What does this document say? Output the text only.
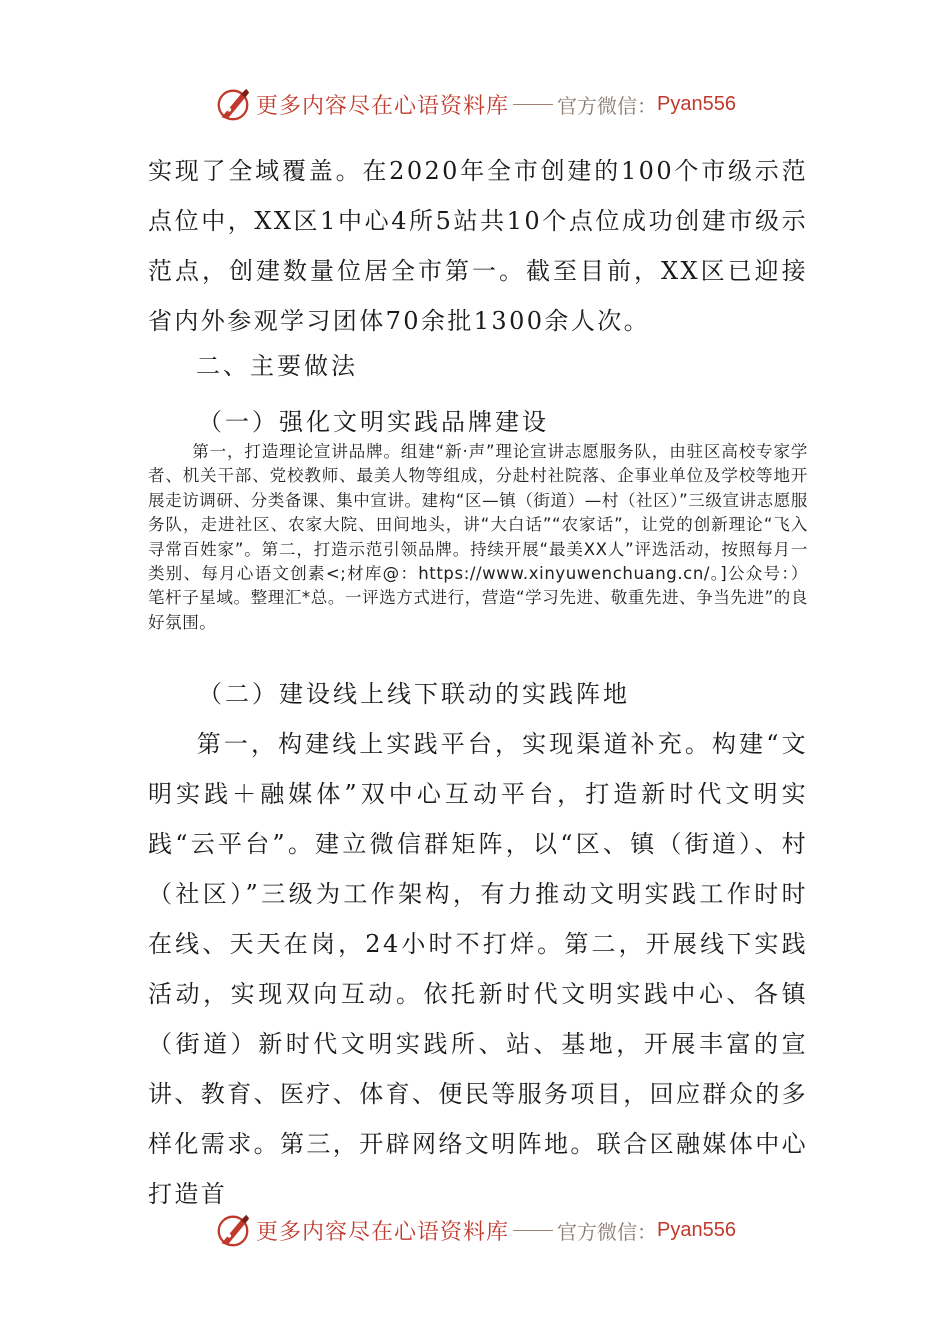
更多内容尽在心语资料库 官方微信： Pyan556

实现了全域覆盖。在2020年全市创建的100个市级示范点位中，XX区1中心4所5站共10个点位成功创建市级示范点，创建数量位居全市第一。截至目前，XX区已迎接省内外参观学习团体70余批1300余人次。

二、主要做法
（一）强化文明实践品牌建设

第一，打造理论宣讲品牌。组建“新·声”理论宣讲志愿服务队，由驻区高校专家学者、机关干部、党校教师、最美人物等组成，分赴村社院落、企事业单位及学校等地开展走访调研、分类备课、集中宣讲。建构“区—镇（街道）—村（社区）”三级宣讲志愿服务队，走进社区、农家大院、田间地头，讲“大白话”“农家话”，让党的创新理论“飞入寻常百姓家”。第二，打造示范引领品牌。持续开展“最美XX人”评选活动，按照每月一类别、每月心语文创素<;材库@：https://www.xinyuwenchuang.cn/。]公众号：）笔杆子星域。整理汇*总。一评选方式进行，营造“学习先进、敬重先进、争当先进”的良好氛围。

（二）建设线上线下联动的实践阵地

第一，构建线上实践平台，实现渠道补充。构建“文明实践＋融媒体”双中心互动平台，打造新时代文明实践“云平台”。建立微信群矩阵，以“区、镇（街道）、村（社区）”三级为工作架构，有力推动文明实践工作时时在线、天天在岗，24小时不打烊。第二，开展线下实践活动，实现双向互动。依托新时代文明实践中心、各镇（街道）新时代文明实践所、站、基地，开展丰富的宣讲、教育、医疗、体育、便民等服务项目，回应群众的多样化需求。第三，开辟网络文明阵地。联合区融媒体中心打造首

更多内容尽在心语资料库 官方微信： Pyan556
